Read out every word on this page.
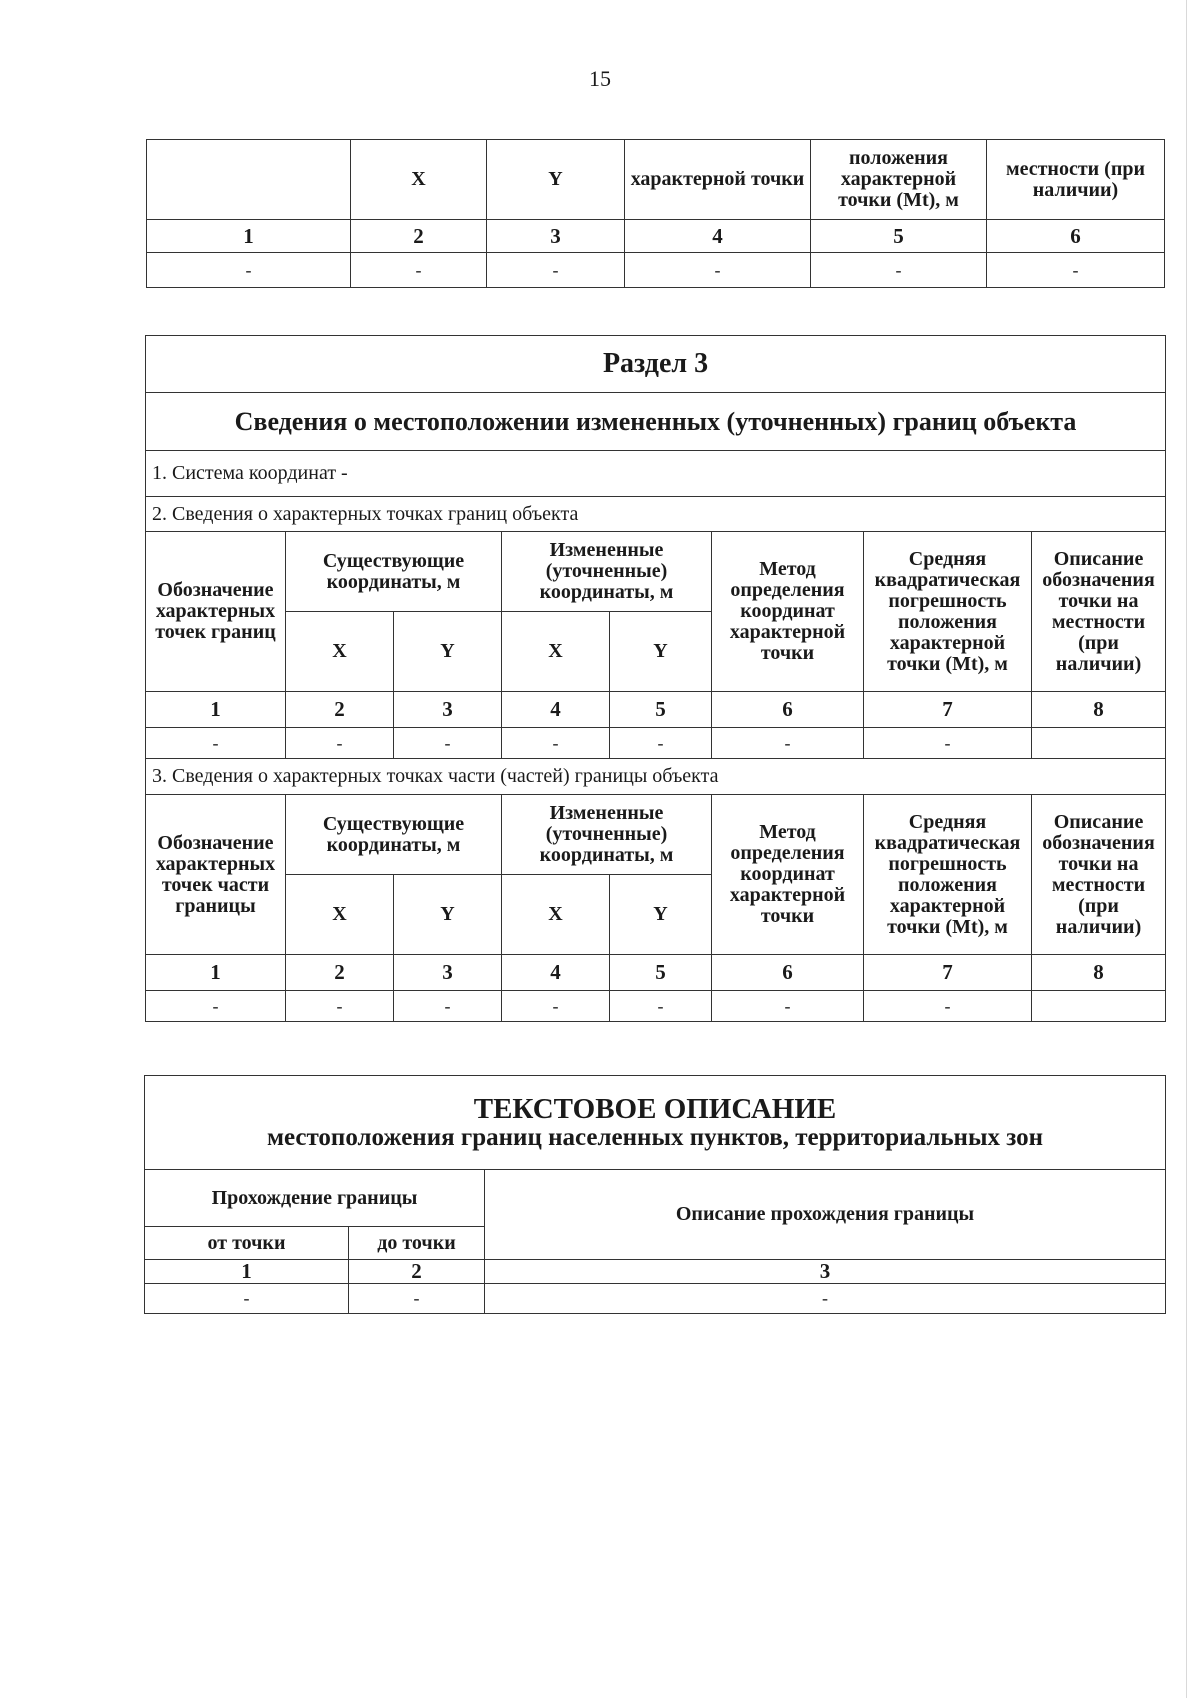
15
	X	Y	характерной точки	положения характерной точки (Mt), м	местности (при наличии)
1	2	3	4	5	6
-	-	-	-	-	-
Раздел 3							
Сведения о местоположении измененных (уточненных) границ объекта							
1. Система координат -							
2. Сведения о характерных точках границ объекта							
Обозначение характерных точек границ	Существующие координаты, м		Измененные (уточненные) координаты, м		Метод определения координат характерной точки	Средняя квадратическая погрешность положения характерной точки (Mt), м	Описание обозначения точки на местности (при наличии)
	X	Y	X	Y			
1	2	3	4	5	6	7	8
-	-	-	-	-	-	-	
3. Сведения о характерных точках части (частей) границы объекта							
Обозначение характерных точек части границы	Существующие координаты, м		Измененные (уточненные) координаты, м		Метод определения координат характерной точки	Средняя квадратическая погрешность положения характерной точки (Mt), м	Описание обозначения точки на местности (при наличии)
	X	Y	X	Y			
1	2	3	4	5	6	7	8
-	-	-	-	-	-	-	
ТЕКСТОВОЕ ОПИСАНИЕ
местоположения границ населенных пунктов, территориальных зон		

Прохождение границы		Описание прохождения границы
от точки	до точки	
1	2	3
-	-	-
